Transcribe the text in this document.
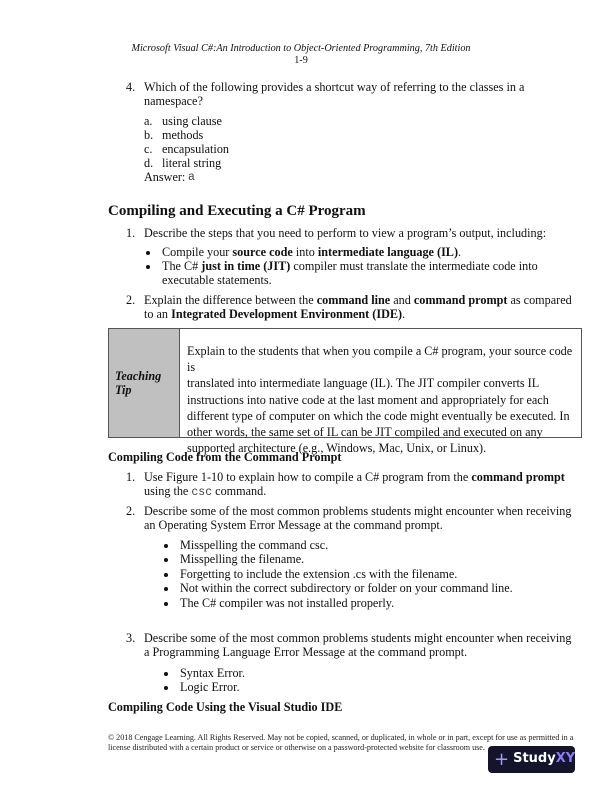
Microsoft Visual C#:An Introduction to Object-Oriented Programming, 7th Edition
1-9
4. Which of the following provides a shortcut way of referring to the classes in a
namespace?
a. using clause
b. methods
c. encapsulation
d. literal string
Answer: a
Compiling and Executing a C# Program
1. Describe the steps that you need to perform to view a program’s output, including:
Compile your source code into intermediate language (IL).
The C# just in time (JIT) compiler must translate the intermediate code into
executable statements.
2. Explain the difference between the command line and command prompt as compared
to an Integrated Development Environment (IDE).
Teaching
Tip
Explain to the students that when you compile a C# program, your source code is
translated into intermediate language (IL). The JIT compiler converts IL
instructions into native code at the last moment and appropriately for each
different type of computer on which the code might eventually be executed. In
other words, the same set of IL can be JIT compiled and executed on any
supported architecture (e.g., Windows, Mac, Unix, or Linux).
Compiling Code from the Command Prompt
1. Use Figure 1-10 to explain how to compile a C# program from the command prompt
using the csc command.
2. Describe some of the most common problems students might encounter when receiving
an Operating System Error Message at the command prompt.
Misspelling the command csc.
Misspelling the filename.
Forgetting to include the extension .cs with the filename.
Not within the correct subdirectory or folder on your command line.
The C# compiler was not installed properly.
3. Describe some of the most common problems students might encounter when receiving
a Programming Language Error Message at the command prompt.
Syntax Error.
Logic Error.
Compiling Code Using the Visual Studio IDE
© 2018 Cengage Learning. All Rights Reserved. May not be copied, scanned, or duplicated, in whole or in part, except for use as permitted in a
license distributed with a certain product or service or otherwise on a password-protected website for classroom use.
+ Study XY
